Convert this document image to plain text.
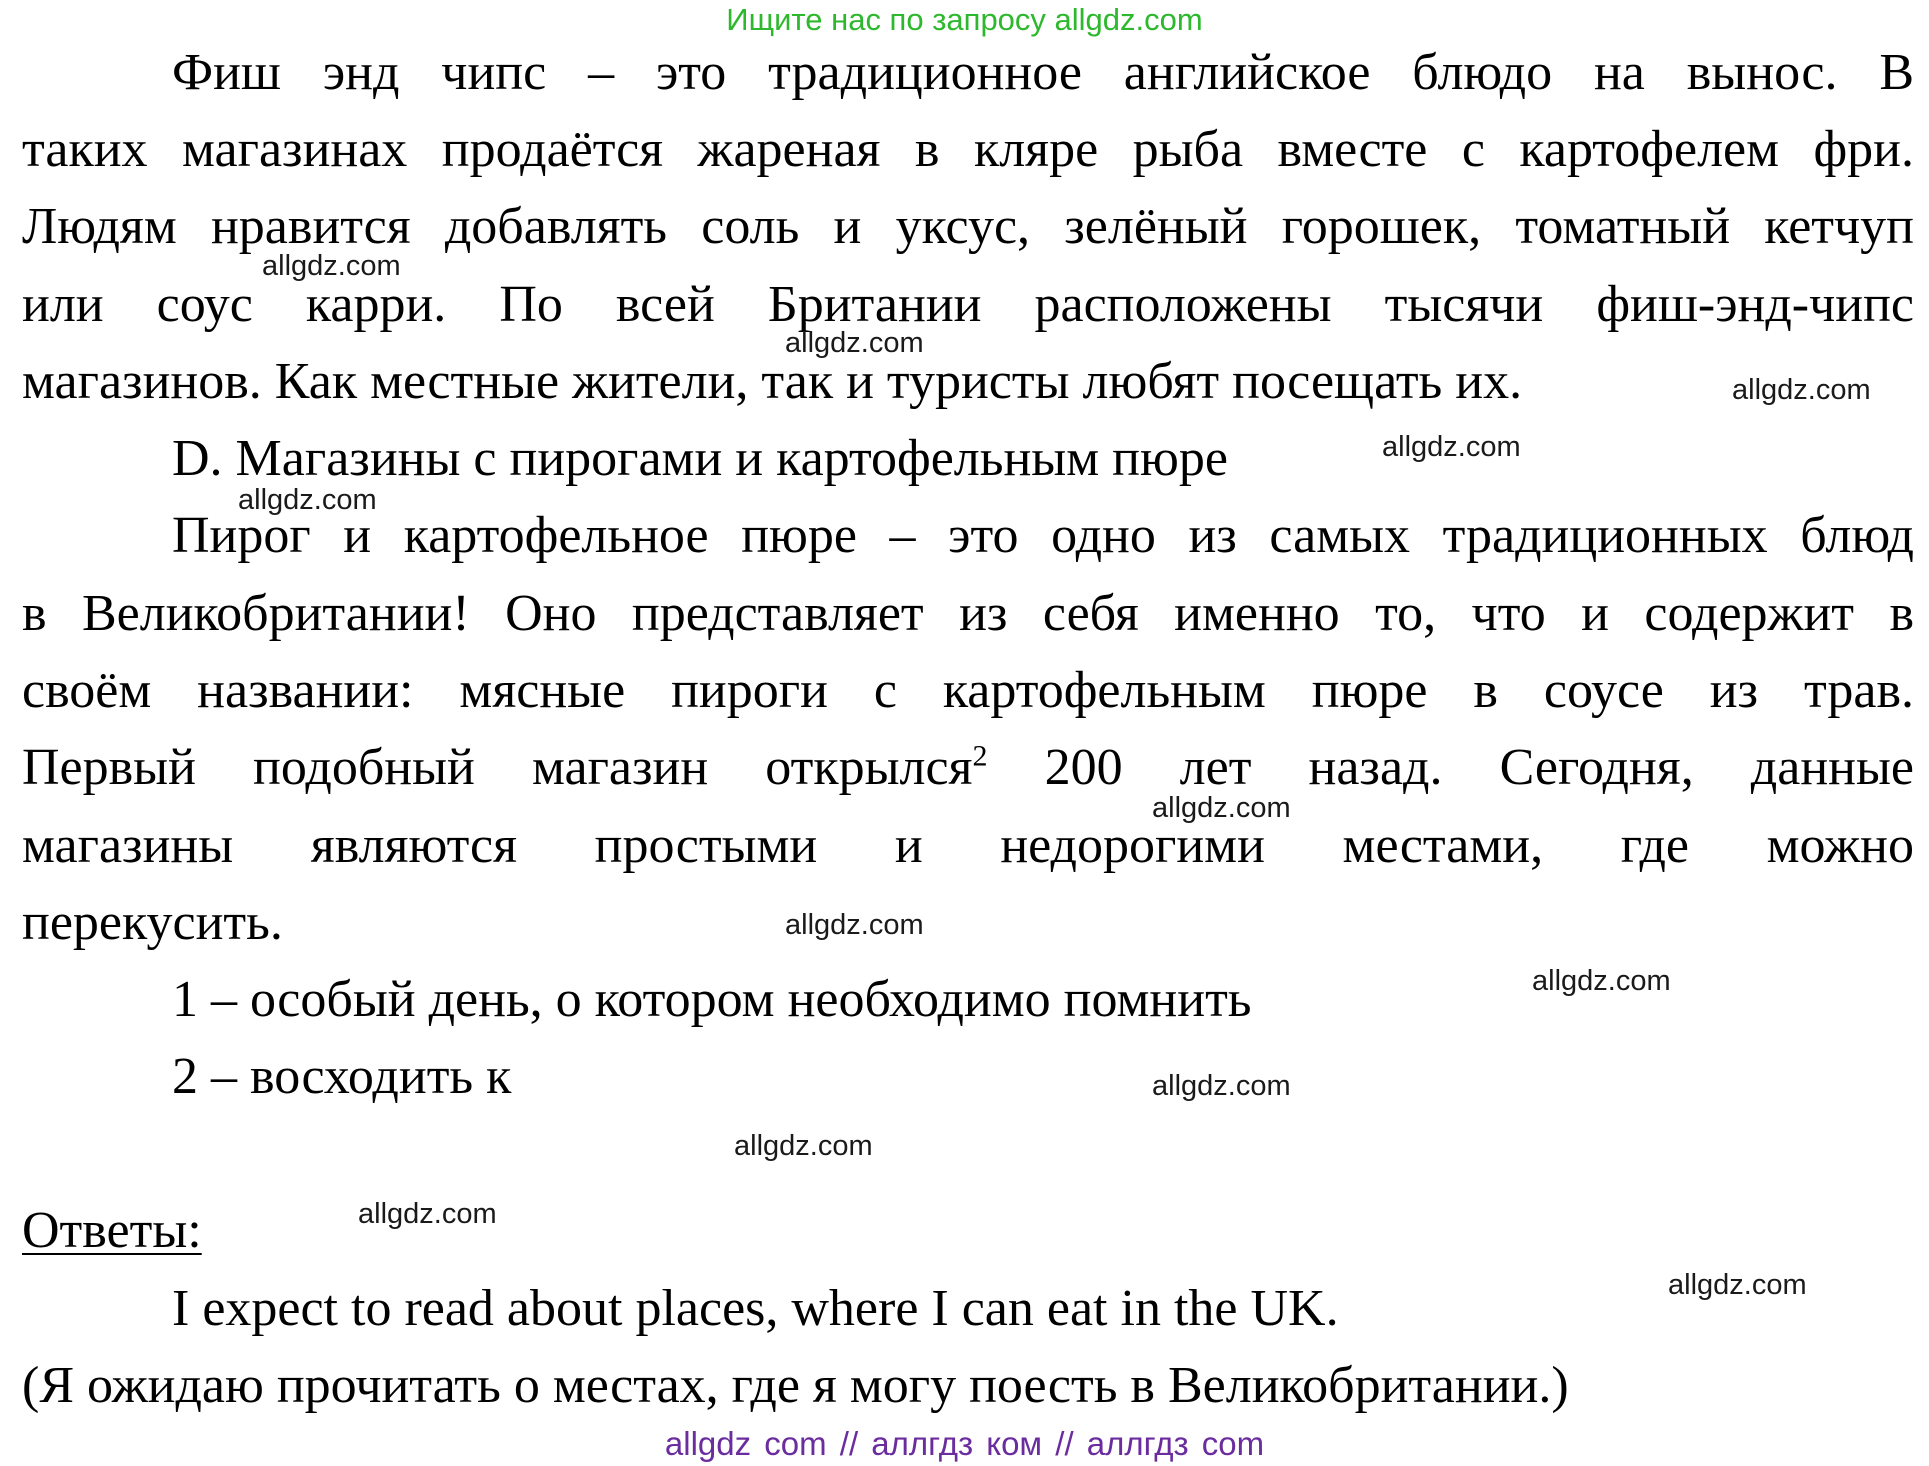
Ищите нас по запросу allgdz.com
Фиш энд чипс – это традиционное английское блюдо на вынос. В
таких магазинах продаётся жареная в кляре рыба вместе с картофелем фри.
Людям нравится добавлять соль и уксус, зелёный горошек, томатный кетчуп
или соус карри. По всей Британии расположены тысячи фиш-энд-чипс
магазинов. Как местные жители, так и туристы любят посещать их.
D. Магазины с пирогами и картофельным пюре
Пирог и картофельное пюре – это одно из самых традиционных блюд
в Великобритании! Оно представляет из себя именно то, что и содержит в
своём названии: мясные пироги с картофельным пюре в соусе из трав.
Первый подобный магазин открылся$^2$ 200 лет назад. Сегодня, данные
магазины являются простыми и недорогими местами, где можно
перекусить.
1 – особый день, о котором необходимо помнить
2 – восходить к
Ответы:
I expect to read about places, where I can eat in the UK.
(Я ожидаю прочитать о местах, где я могу поесть в Великобритании.)
allgdz.com
allgdz.com
allgdz.com
allgdz.com
allgdz.com
allgdz.com
allgdz.com
allgdz.com
allgdz.com
allgdz.com
allgdz.com
allgdz.com
allgdz com // аллгдз ком // аллгдз com
